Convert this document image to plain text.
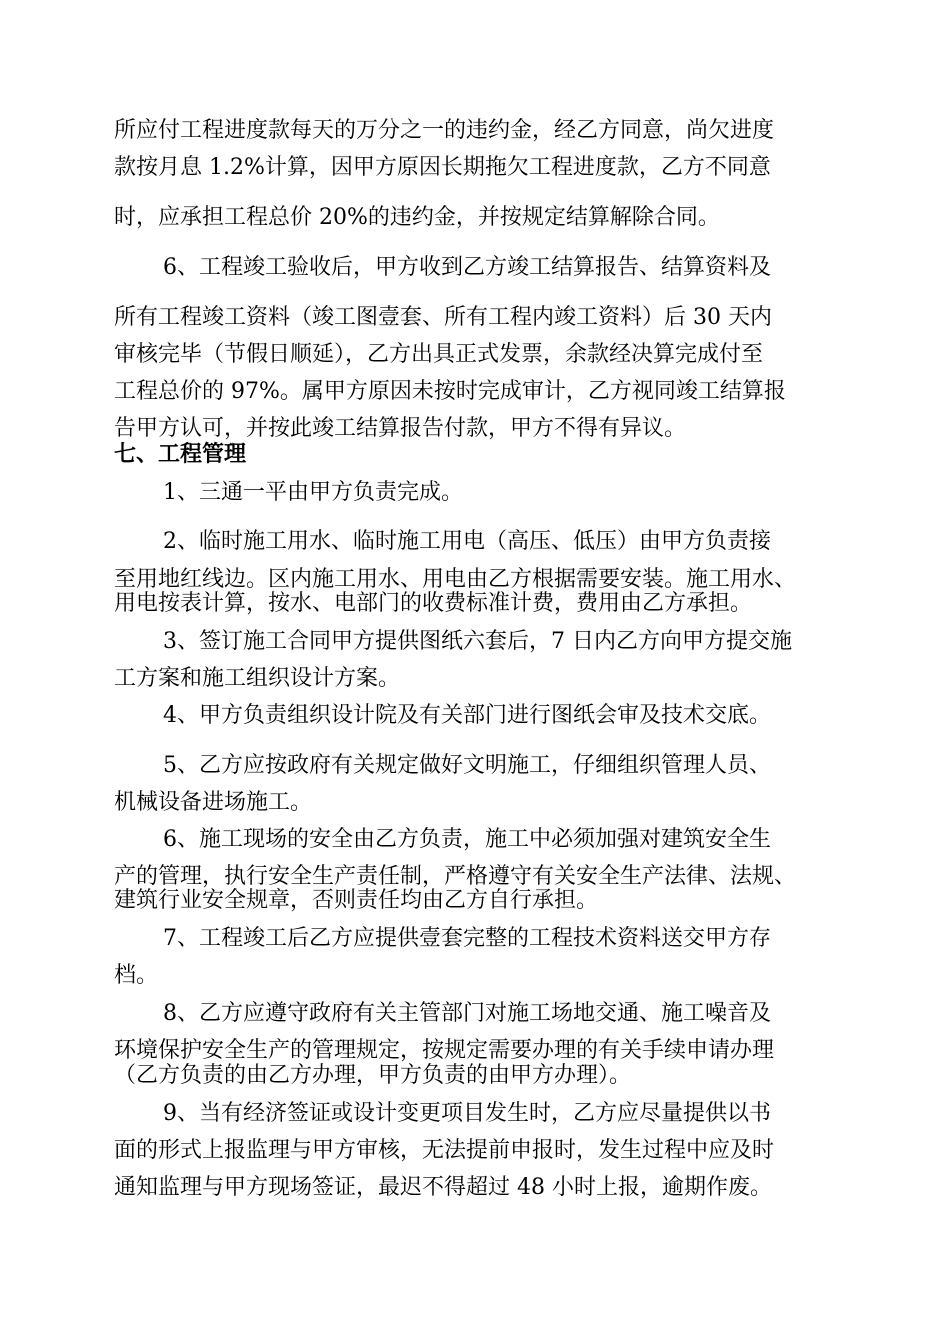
所应付工程进度款每天的万分之一的违约金，经乙方同意，尚欠进度
款按月息 1.2%计算，因甲方原因长期拖欠工程进度款，乙方不同意
时，应承担工程总价 20%的违约金，并按规定结算解除合同。
6、工程竣工验收后，甲方收到乙方竣工结算报告、结算资料及
所有工程竣工资料（竣工图壹套、所有工程内竣工资料）后 30 天内
审核完毕（节假日顺延），乙方出具正式发票，余款经决算完成付至
工程总价的 97%。属甲方原因未按时完成审计，乙方视同竣工结算报
告甲方认可，并按此竣工结算报告付款，甲方不得有异议。
七、工程管理
1、三通一平由甲方负责完成。
2、临时施工用水、临时施工用电（高压、低压）由甲方负责接
至用地红线边。区内施工用水、用电由乙方根据需要安装。施工用水、
用电按表计算，按水、电部门的收费标准计费，费用由乙方承担。
3、签订施工合同甲方提供图纸六套后，7 日内乙方向甲方提交施
工方案和施工组织设计方案。
4、甲方负责组织设计院及有关部门进行图纸会审及技术交底。
5、乙方应按政府有关规定做好文明施工，仔细组织管理人员、
机械设备进场施工。
6、施工现场的安全由乙方负责，施工中必须加强对建筑安全生
产的管理，执行安全生产责任制，严格遵守有关安全生产法律、法规、
建筑行业安全规章，否则责任均由乙方自行承担。
7、工程竣工后乙方应提供壹套完整的工程技术资料送交甲方存
档。
8、乙方应遵守政府有关主管部门对施工场地交通、施工噪音及
环境保护安全生产的管理规定，按规定需要办理的有关手续申请办理
（乙方负责的由乙方办理，甲方负责的由甲方办理）。
9、当有经济签证或设计变更项目发生时，乙方应尽量提供以书
面的形式上报监理与甲方审核，无法提前申报时，发生过程中应及时
通知监理与甲方现场签证，最迟不得超过 48 小时上报，逾期作废。
